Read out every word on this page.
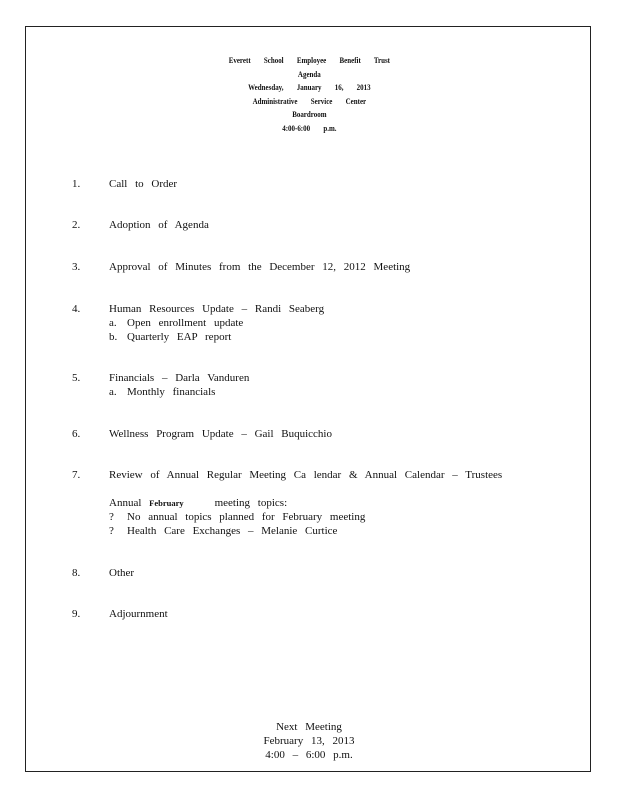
Everett School Employee Benefit Trust
Agenda
Wednesday, January 16, 2013
Administrative Service Center
Boardroom
4:00-6:00 p.m.
1.	Call to Order
2.	Adoption of Agenda
3.	Approval of Minutes from the December 12, 2012 Meeting
4.	Human Resources Update – Randi Seaberg
a. Open enrollment update
b. Quarterly EAP report
5.	Financials – Darla Vanduren
a. Monthly financials
6.	Wellness Program Update – Gail Buquicchio
7.	Review of Annual Regular Meeting Ca lendar & Annual Calendar – Trustees
Annual February	meeting topics:
? No annual topics planned for February meeting
? Health Care Exchanges – Melanie Curtice
8.	Other
9.	Adjournment
Next Meeting
February 13, 2013
4:00 – 6:00 p.m.
